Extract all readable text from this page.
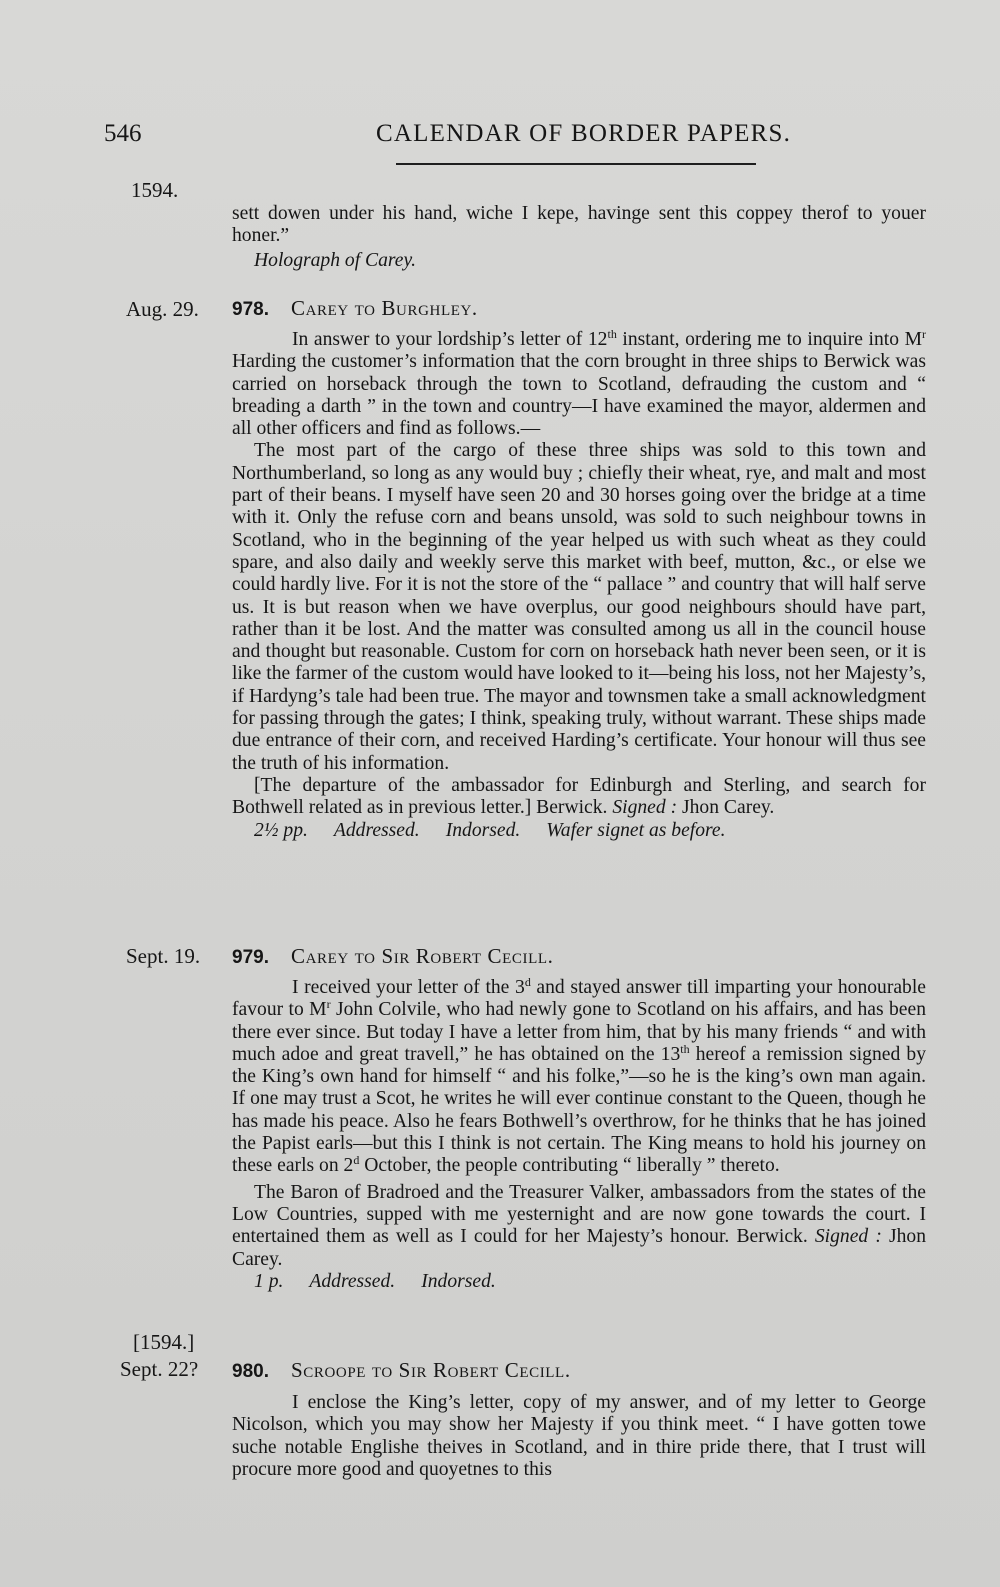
546	CALENDAR OF BORDER PAPERS.
1594.
Aug. 29.
Sept. 19.
[1594.]
Sept. 22?

sett dowen under his hand, wiche I kepe, havinge sent this coppey therof to youer honer.”

Holograph of Carey.

978. Carey to Burghley.

In answer to your lordship’s letter of 12th instant, ordering me to inquire into $M^r$ Harding the customer’s information that the corn brought in three ships to Berwick was carried on horseback through the town to Scotland, defrauding the custom and “ breading a darth ” in the town and country—I have examined the mayor, aldermen and all other officers and find as follows.—

The most part of the cargo of these three ships was sold to this town and Northumberland, so long as any would buy ; chiefly their wheat, rye, and malt and most part of their beans. I myself have seen 20 and 30 horses going over the bridge at a time with it. Only the refuse corn and beans unsold, was sold to such neighbour towns in Scotland, who in the beginning of the year helped us with such wheat as they could spare, and also daily and weekly serve this market with beef, mutton, &c., or else we could hardly live. For it is not the store of the “ pallace ” and country that will half serve us. It is but reason when we have overplus, our good neighbours should have part, rather than it be lost. And the matter was consulted among us all in the council house and thought but reasonable. Custom for corn on horseback hath never been seen, or it is like the farmer of the custom would have looked to it—being his loss, not her Majesty’s, if Hardyng’s tale had been true. The mayor and townsmen take a small acknowledgment for passing through the gates; I think, speaking truly, without warrant. These ships made due entrance of their corn, and received Harding’s certificate. Your honour will thus see the truth of his information.

[The departure of the ambassador for Edinburgh and Sterling, and search for Bothwell related as in previous letter.] Berwick. Signed : Jhon Carey.

2½ pp. Addressed. Indorsed. Wafer signet as before.

979. Carey to Sir Robert Cecill.

I received your letter of the 3$^d$ and stayed answer till imparting your honourable favour to $M^r$ John Colvile, who had newly gone to Scotland on his affairs, and has been there ever since. But today I have a letter from him, that by his many friends “ and with much adoe and great travell,” he has obtained on the 13th hereof a remission signed by the King’s own hand for himself “ and his folke,”—so he is the king’s own man again. If one may trust a Scot, he writes he will ever continue constant to the Queen, though he has made his peace. Also he fears Bothwell’s overthrow, for he thinks that he has joined the Papist earls—but this I think is not certain. The King means to hold his journey on these earls on 2$^d$ October, the people contributing “ liberally ” thereto.

The Baron of Bradroed and the Treasurer Valker, ambassadors from the states of the Low Countries, supped with me yesternight and are now gone towards the court. I entertained them as well as I could for her Majesty’s honour. Berwick. Signed : Jhon Carey.

1 p. Addressed. Indorsed.

980. Scroope to Sir Robert Cecill.

I enclose the King’s letter, copy of my answer, and of my letter to George Nicolson, which you may show her Majesty if you think meet. “ I have gotten towe suche notable Englishe theives in Scotland, and in thire pride there, that I trust will procure more good and quoyetnes to this
